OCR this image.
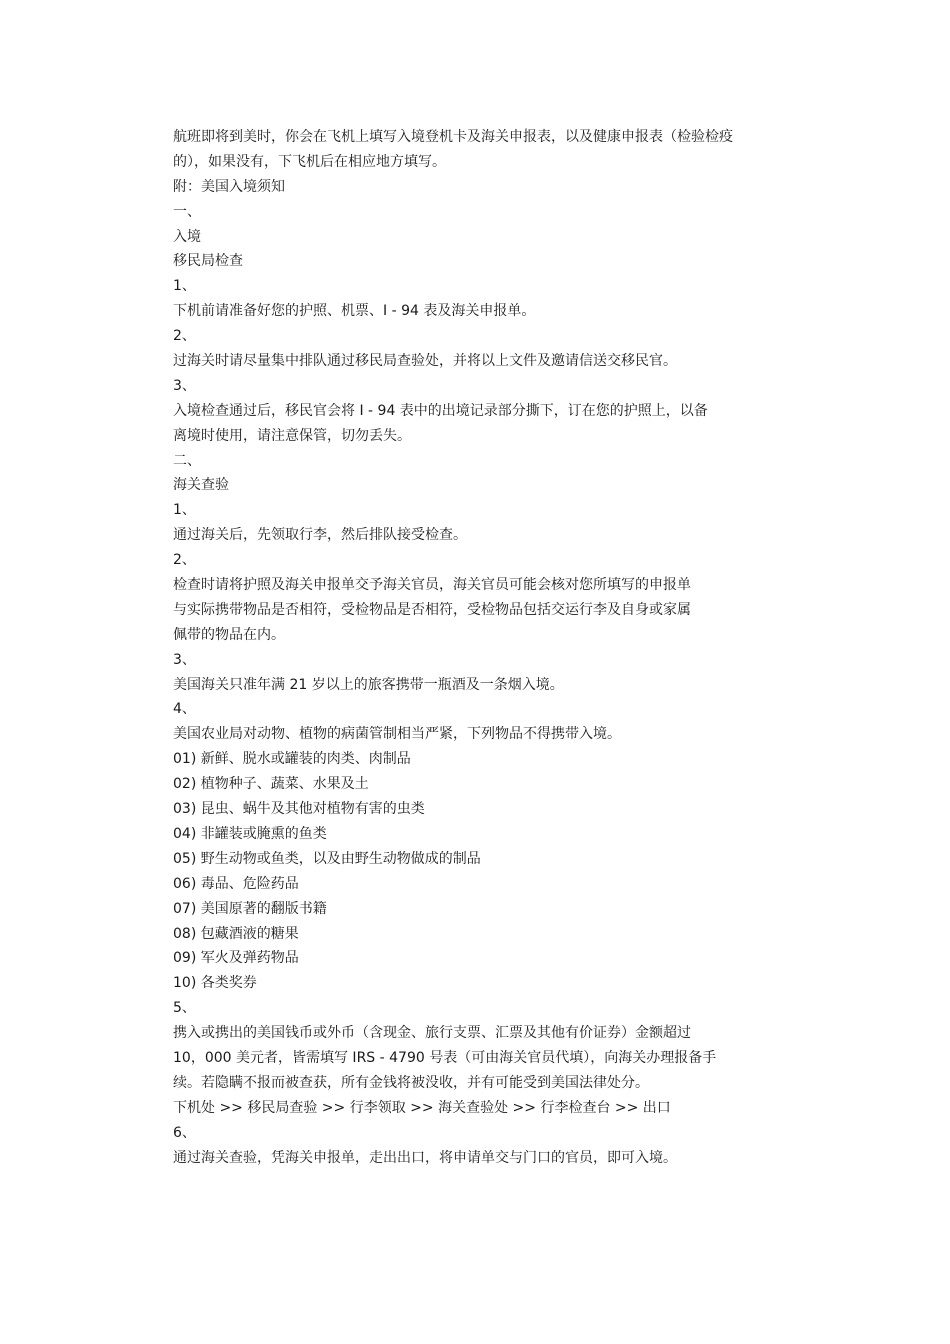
航班即将到美时，你会在飞机上填写入境登机卡及海关申报表，以及健康申报表（检验检疫
的），如果没有，下飞机后在相应地方填写。
附：美国入境须知
一、
入境
移民局检查
1、
下机前请准备好您的护照、机票、I - 94 表及海关申报单。
2、
过海关时请尽量集中排队通过移民局查验处，并将以上文件及邀请信送交移民官。
3、
入境检查通过后，移民官会将 I - 94 表中的出境记录部分撕下，订在您的护照上，以备
离境时使用，请注意保管，切勿丢失。
二、
海关查验
1、
通过海关后，先领取行李，然后排队接受检查。
2、
检查时请将护照及海关申报单交予海关官员，海关官员可能会核对您所填写的申报单
与实际携带物品是否相符，受检物品是否相符，受检物品包括交运行李及自身或家属
佩带的物品在内。
3、
美国海关只准年满 21 岁以上的旅客携带一瓶酒及一条烟入境。
4、
美国农业局对动物、植物的病菌管制相当严紧，下列物品不得携带入境。
01) 新鲜、脱水或罐装的肉类、肉制品
02) 植物种子、蔬菜、水果及土
03) 昆虫、蜗牛及其他对植物有害的虫类
04) 非罐装或腌熏的鱼类
05) 野生动物或鱼类，以及由野生动物做成的制品
06) 毒品、危险药品
07) 美国原著的翻版书籍
08) 包藏酒液的糖果
09) 军火及弹药物品
10) 各类奖券
5、
携入或携出的美国钱币或外币（含现金、旅行支票、汇票及其他有价证券）金额超过
10，000 美元者，皆需填写 IRS - 4790 号表（可由海关官员代填），向海关办理报备手
续。若隐瞒不报而被查获，所有金钱将被没收，并有可能受到美国法律处分。
下机处 >> 移民局查验 >> 行李领取 >> 海关查验处 >> 行李检查台 >> 出口
6、
通过海关查验，凭海关申报单，走出出口，将申请单交与门口的官员，即可入境。
